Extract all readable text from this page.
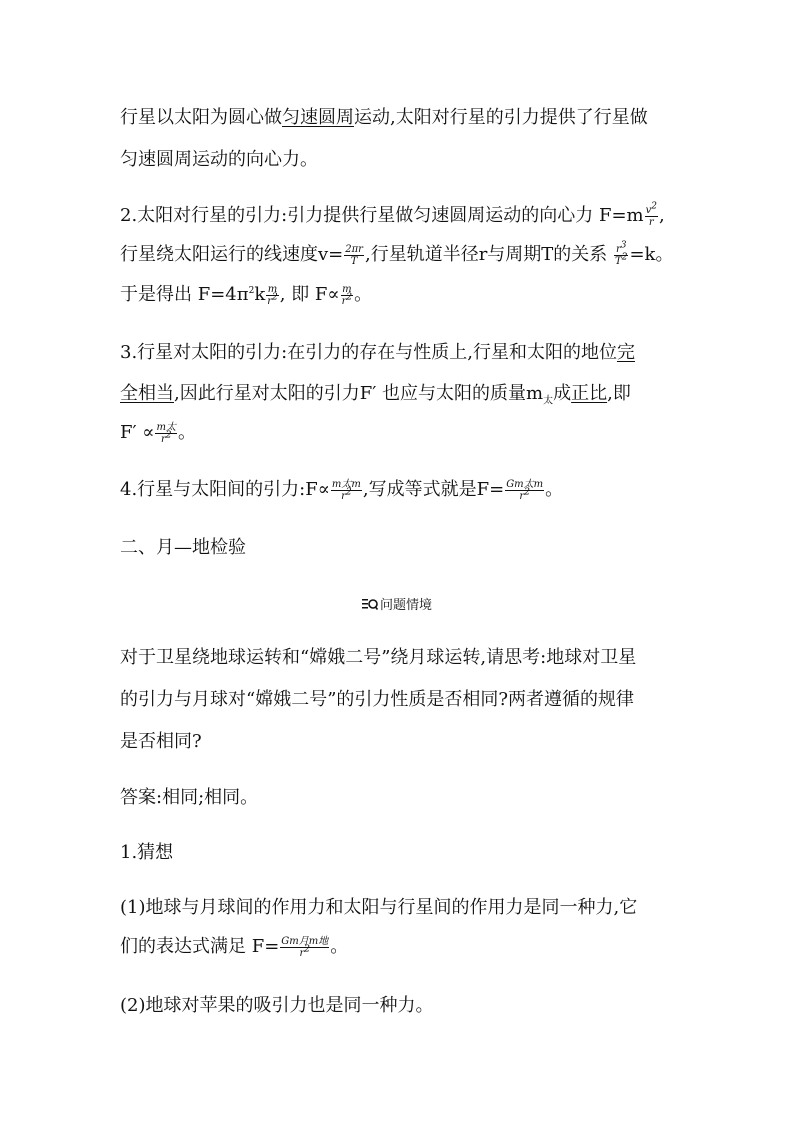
行星以太阳为圆心做匀速圆周运动,太阳对行星的引力提供了行星做
匀速圆周运动的向心力。
2.太阳对行星的引力:引力提供行星做匀速圆周运动的向心力 $F=m \frac{v2}{r}$ ,
行星绕太阳运行的线速度$v= \frac{2\pi r}{T}$ ,行星轨道半径r与周期T的关系 $\frac{r3}{T2} =k$。
于是得出 $F=4\pi^2k \frac{m}{r2}$ , 即 $F\propto \frac{m}{r2}$ 。
3.行星对太阳的引力:在引力的存在与性质上,行星和太阳的地位完
全相当,因此行星对太阳的引力F′ 也应与太阳的质量$m_太$成正比,即
$F' \propto \frac{\text{m太}}{r2}$ 。
4.行星与太阳间的引力:F∝ $\frac{\text{m太m}}{r2}$ ,写成等式就是$F= \frac{\text{Gm太m}}{r2}$ 。
二、月—地检验
问题情境
对于卫星绕地球运转和“嫦娥二号”绕月球运转,请思考:地球对卫星
的引力与月球对“嫦娥二号”的引力性质是否相同?两者遵循的规律
是否相同?
答案:相同;相同。
1.猜想
(1)地球与月球间的作用力和太阳与行星间的作用力是同一种力,它
们的表达式满足 $F= \frac{\text{Gm月m地}}{r2}$ 。
(2)地球对苹果的吸引力也是同一种力。
